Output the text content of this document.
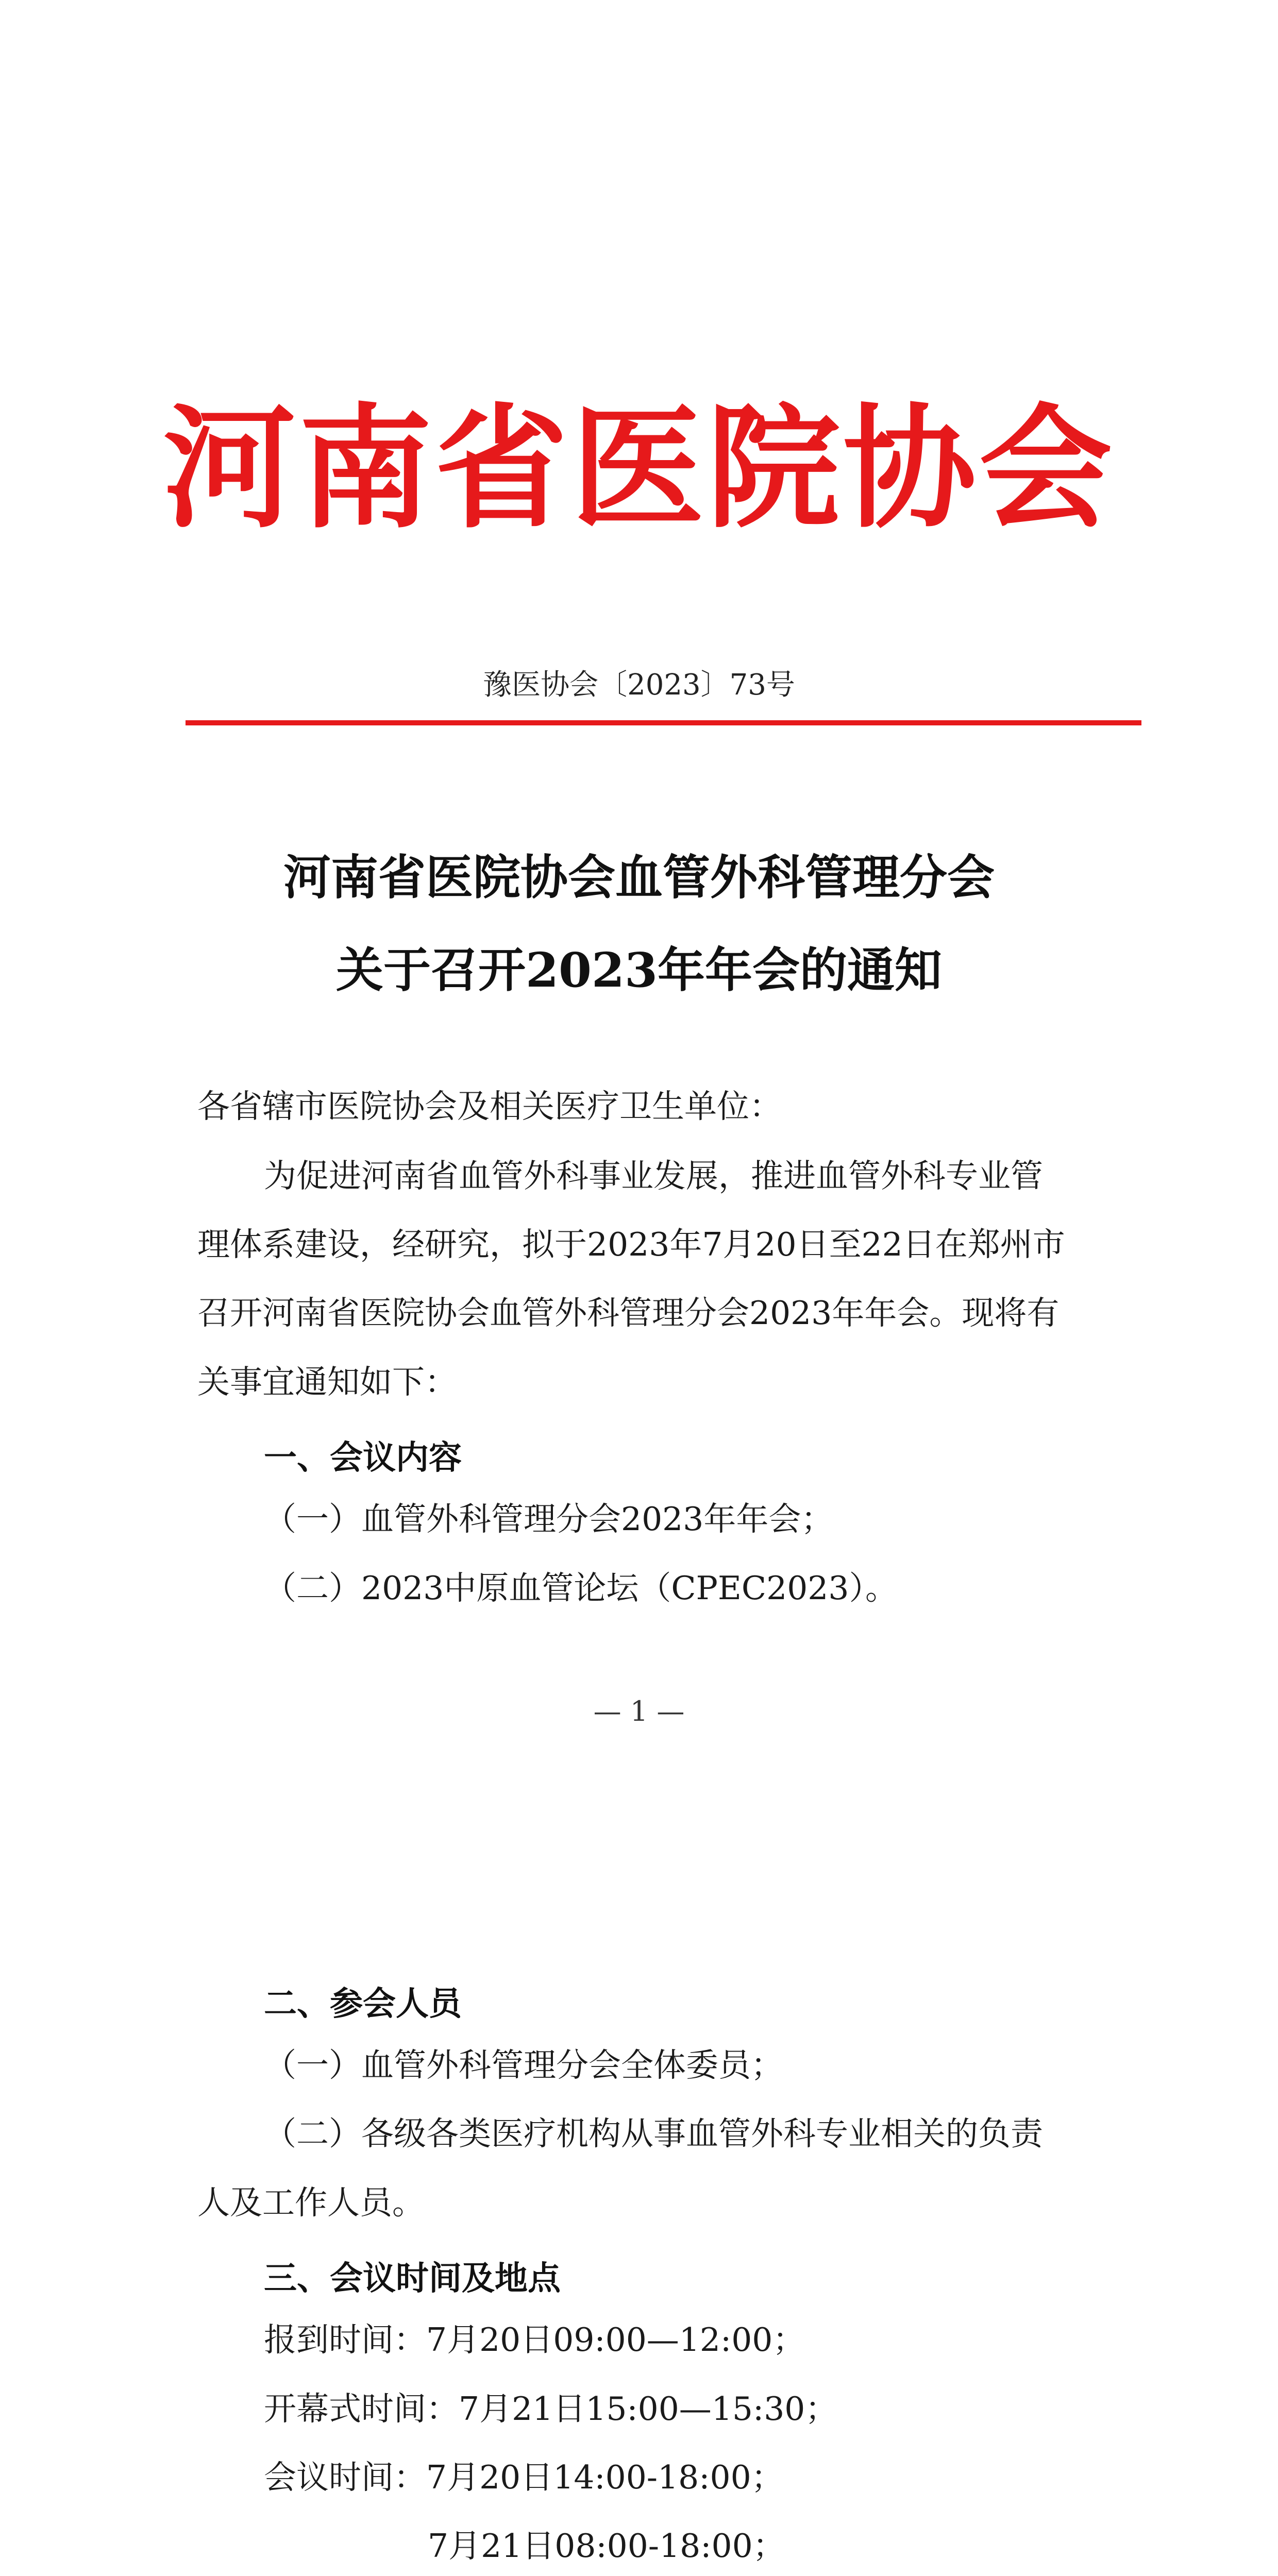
河南省医院协会
豫医协会〔2023〕73号
河南省医院协会血管外科管理分会
关于召开2023年年会的通知
各省辖市医院协会及相关医疗卫生单位：
为促进河南省血管外科事业发展，推进血管外科专业管
理体系建设，经研究，拟于2023年7月20日至22日在郑州市
召开河南省医院协会血管外科管理分会2023年年会。现将有
关事宜通知如下：
一、会议内容
（一）血管外科管理分会2023年年会；
（二）2023中原血管论坛（CPEC2023）。
— 1 —
二、参会人员
（一）血管外科管理分会全体委员；
（二）各级各类医疗机构从事血管外科专业相关的负责
人及工作人员。
三、会议时间及地点
报到时间：7月20日09:00—12:00；
开幕式时间：7月21日15:00—15:30；
会议时间：7月20日14:00-18:00；
7月21日08:00-18:00；
